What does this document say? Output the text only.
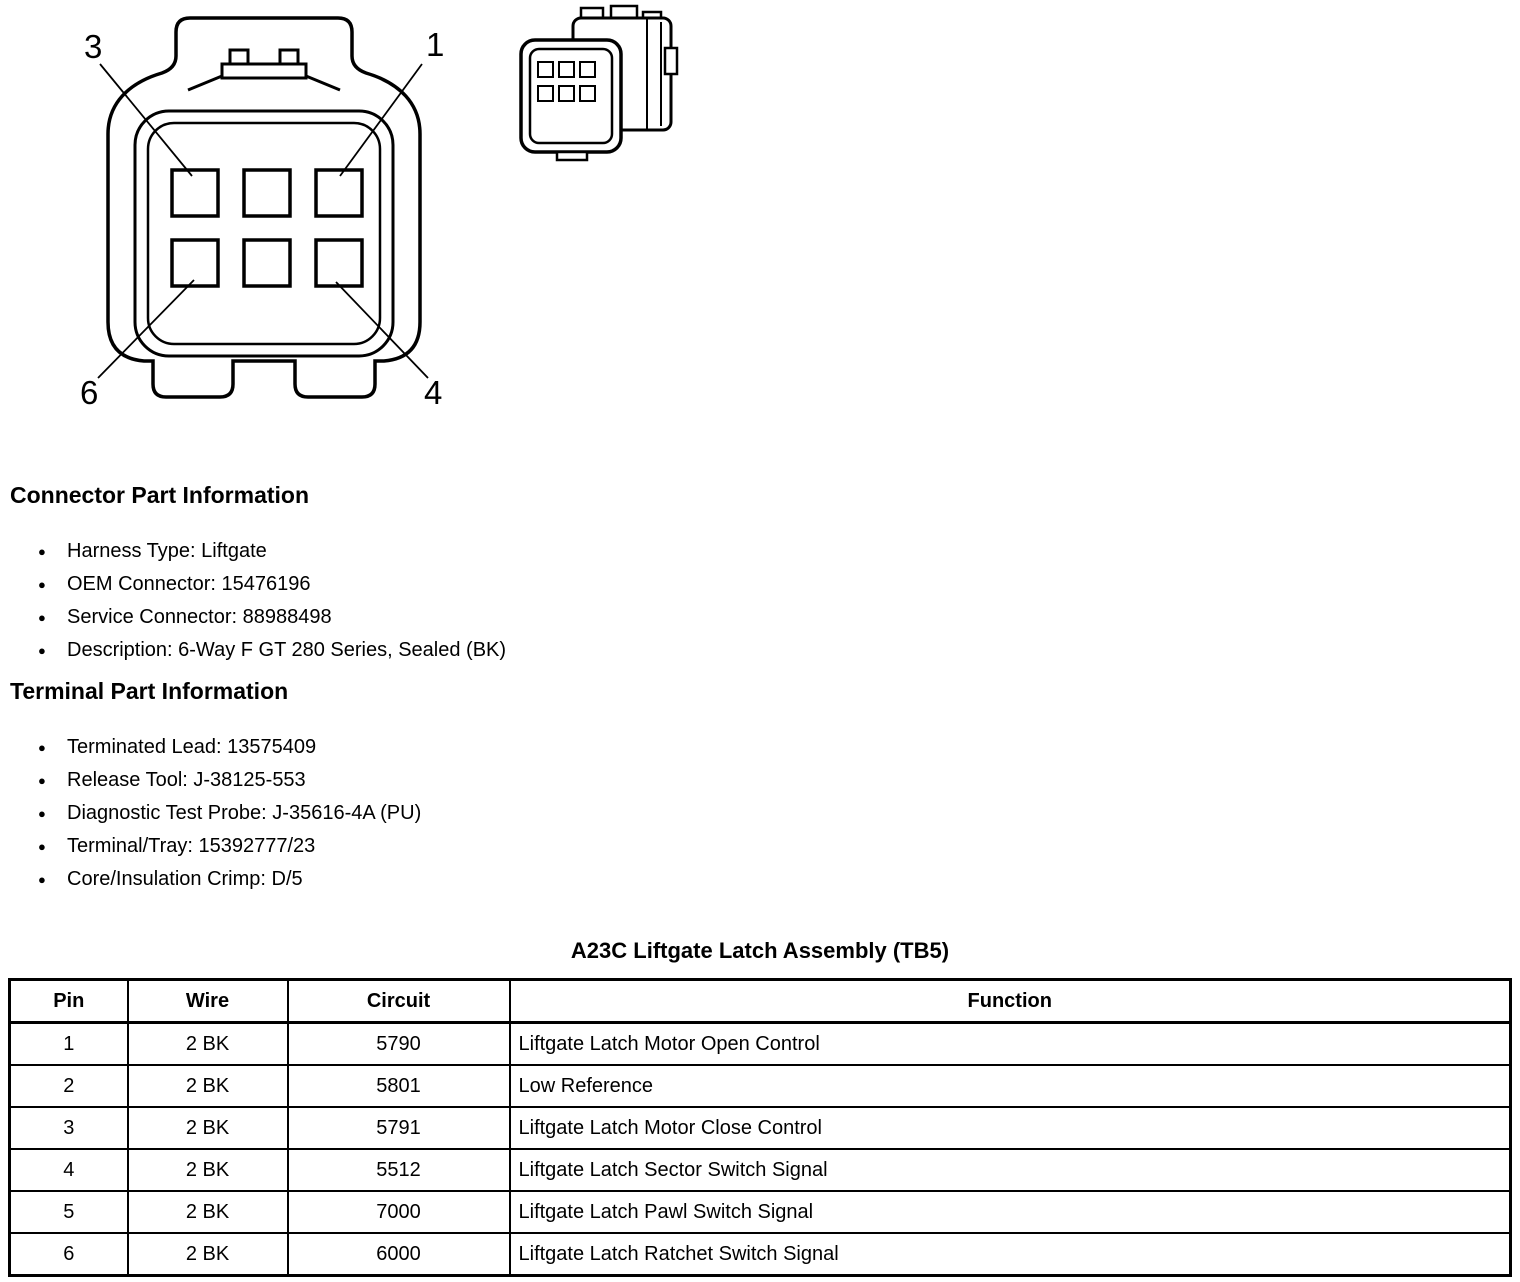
3	1
6	4
Connector Part Information
● Harness Type: Liftgate
● OEM Connector: 15476196
● Service Connector: 88988498
● Description: 6-Way F GT 280 Series, Sealed (BK)
Terminal Part Information
● Terminated Lead: 13575409
● Release Tool: J-38125-553
● Diagnostic Test Probe: J-35616-4A (PU)
● Terminal/Tray: 15392777/23
● Core/Insulation Crimp: D/5
A23C Liftgate Latch Assembly (TB5)
Pin	Wire	Circuit	Function
1	2 BK	5790	Liftgate Latch Motor Open Control
2	2 BK	5801	Low Reference
3	2 BK	5791	Liftgate Latch Motor Close Control
4	2 BK	5512	Liftgate Latch Sector Switch Signal
5	2 BK	7000	Liftgate Latch Pawl Switch Signal
6	2 BK	6000	Liftgate Latch Ratchet Switch Signal
